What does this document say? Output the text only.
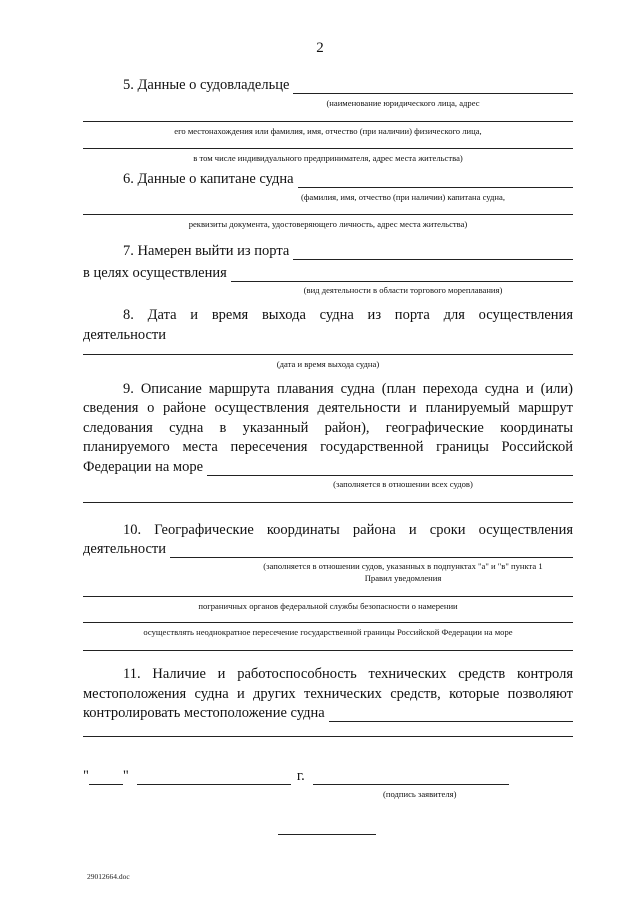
2
5. Данные о судовладельце
(наименование юридического лица, адрес
его местонахождения или фамилия, имя, отчество (при наличии) физического лица,
в том числе индивидуального предпринимателя, адрес места жительства)
6. Данные о капитане судна
(фамилия, имя, отчество (при наличии) капитана судна,
реквизиты документа, удостоверяющего личность, адрес места жительства)
7. Намерен выйти из порта
в целях осуществления
(вид деятельности в области торгового мореплавания)
8. Дата и время выхода судна из порта для осуществления
деятельности
(дата и время выхода судна)
9. Описание маршрута плавания судна (план перехода судна и (или)
сведения о районе осуществления деятельности и планируемый маршрут
следования судна в указанный район), географические координаты
планируемого места пересечения государственной границы Российской
Федерации на море
(заполняется в отношении всех судов)
10. Географические координаты района и сроки осуществления
деятельности
(заполняется в отношении судов, указанных в подпунктах "а" и "в" пункта 1
Правил уведомления
пограничных органов федеральной службы безопасности о намерении
осуществлять неоднократное пересечение государственной границы Российской Федерации на море
11. Наличие и работоспособность технических средств контроля
местоположения судна и других технических средств, которые позволяют
контролировать местоположение судна
" "	г.
(подпись заявителя)
29012664.doc
